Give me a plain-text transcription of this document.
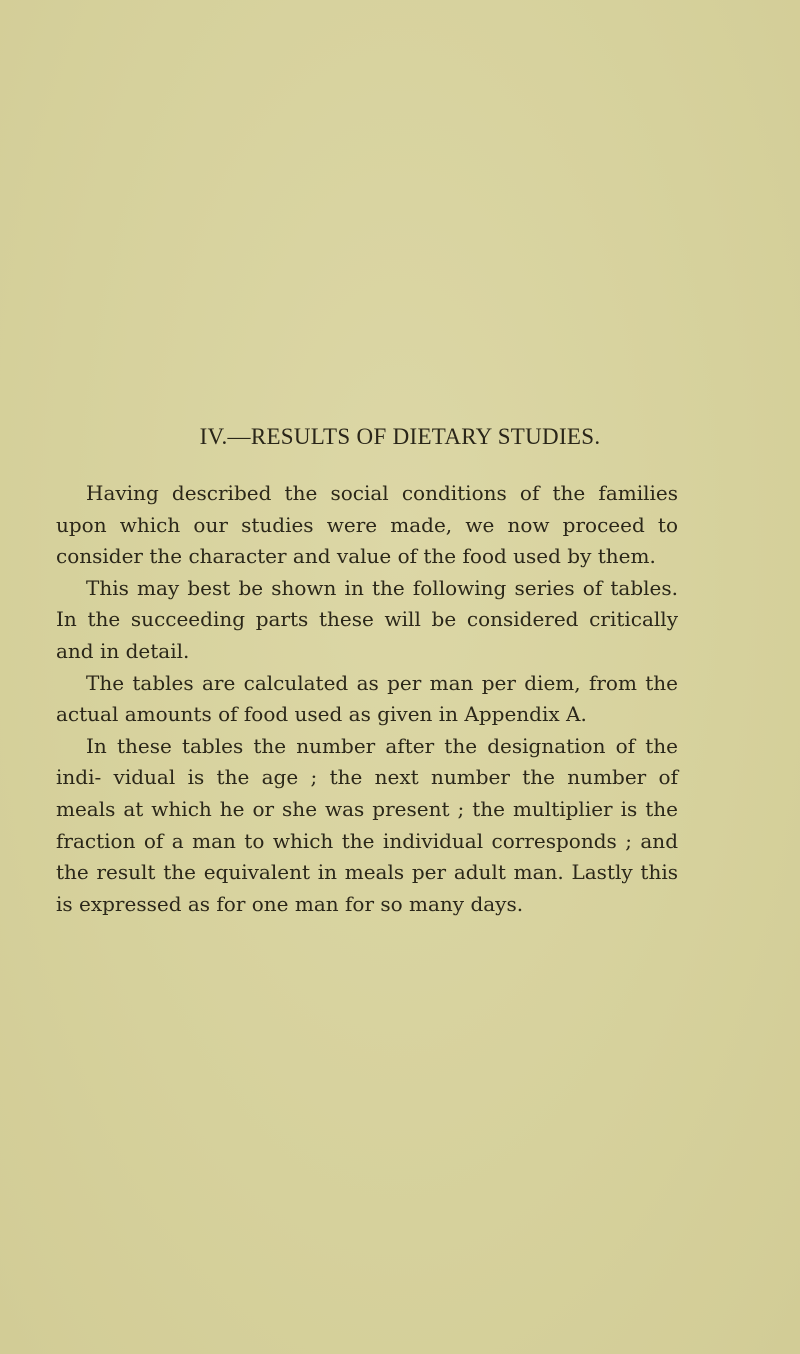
IV.—RESULTS OF DIETARY STUDIES.

Having described the social conditions of the families upon which our studies were made, we now proceed to consider the character and value of the food used by them.

This may best be shown in the following series of tables. In the succeeding parts these will be considered critically and in detail.

The tables are calculated as per man per diem, from the actual amounts of food used as given in Appendix A.

In these tables the number after the designation of the indi- vidual is the age ; the next number the number of meals at which he or she was present ; the multiplier is the fraction of a man to which the individual corresponds ; and the result the equivalent in meals per adult man. Lastly this is expressed as for one man for so many days.
